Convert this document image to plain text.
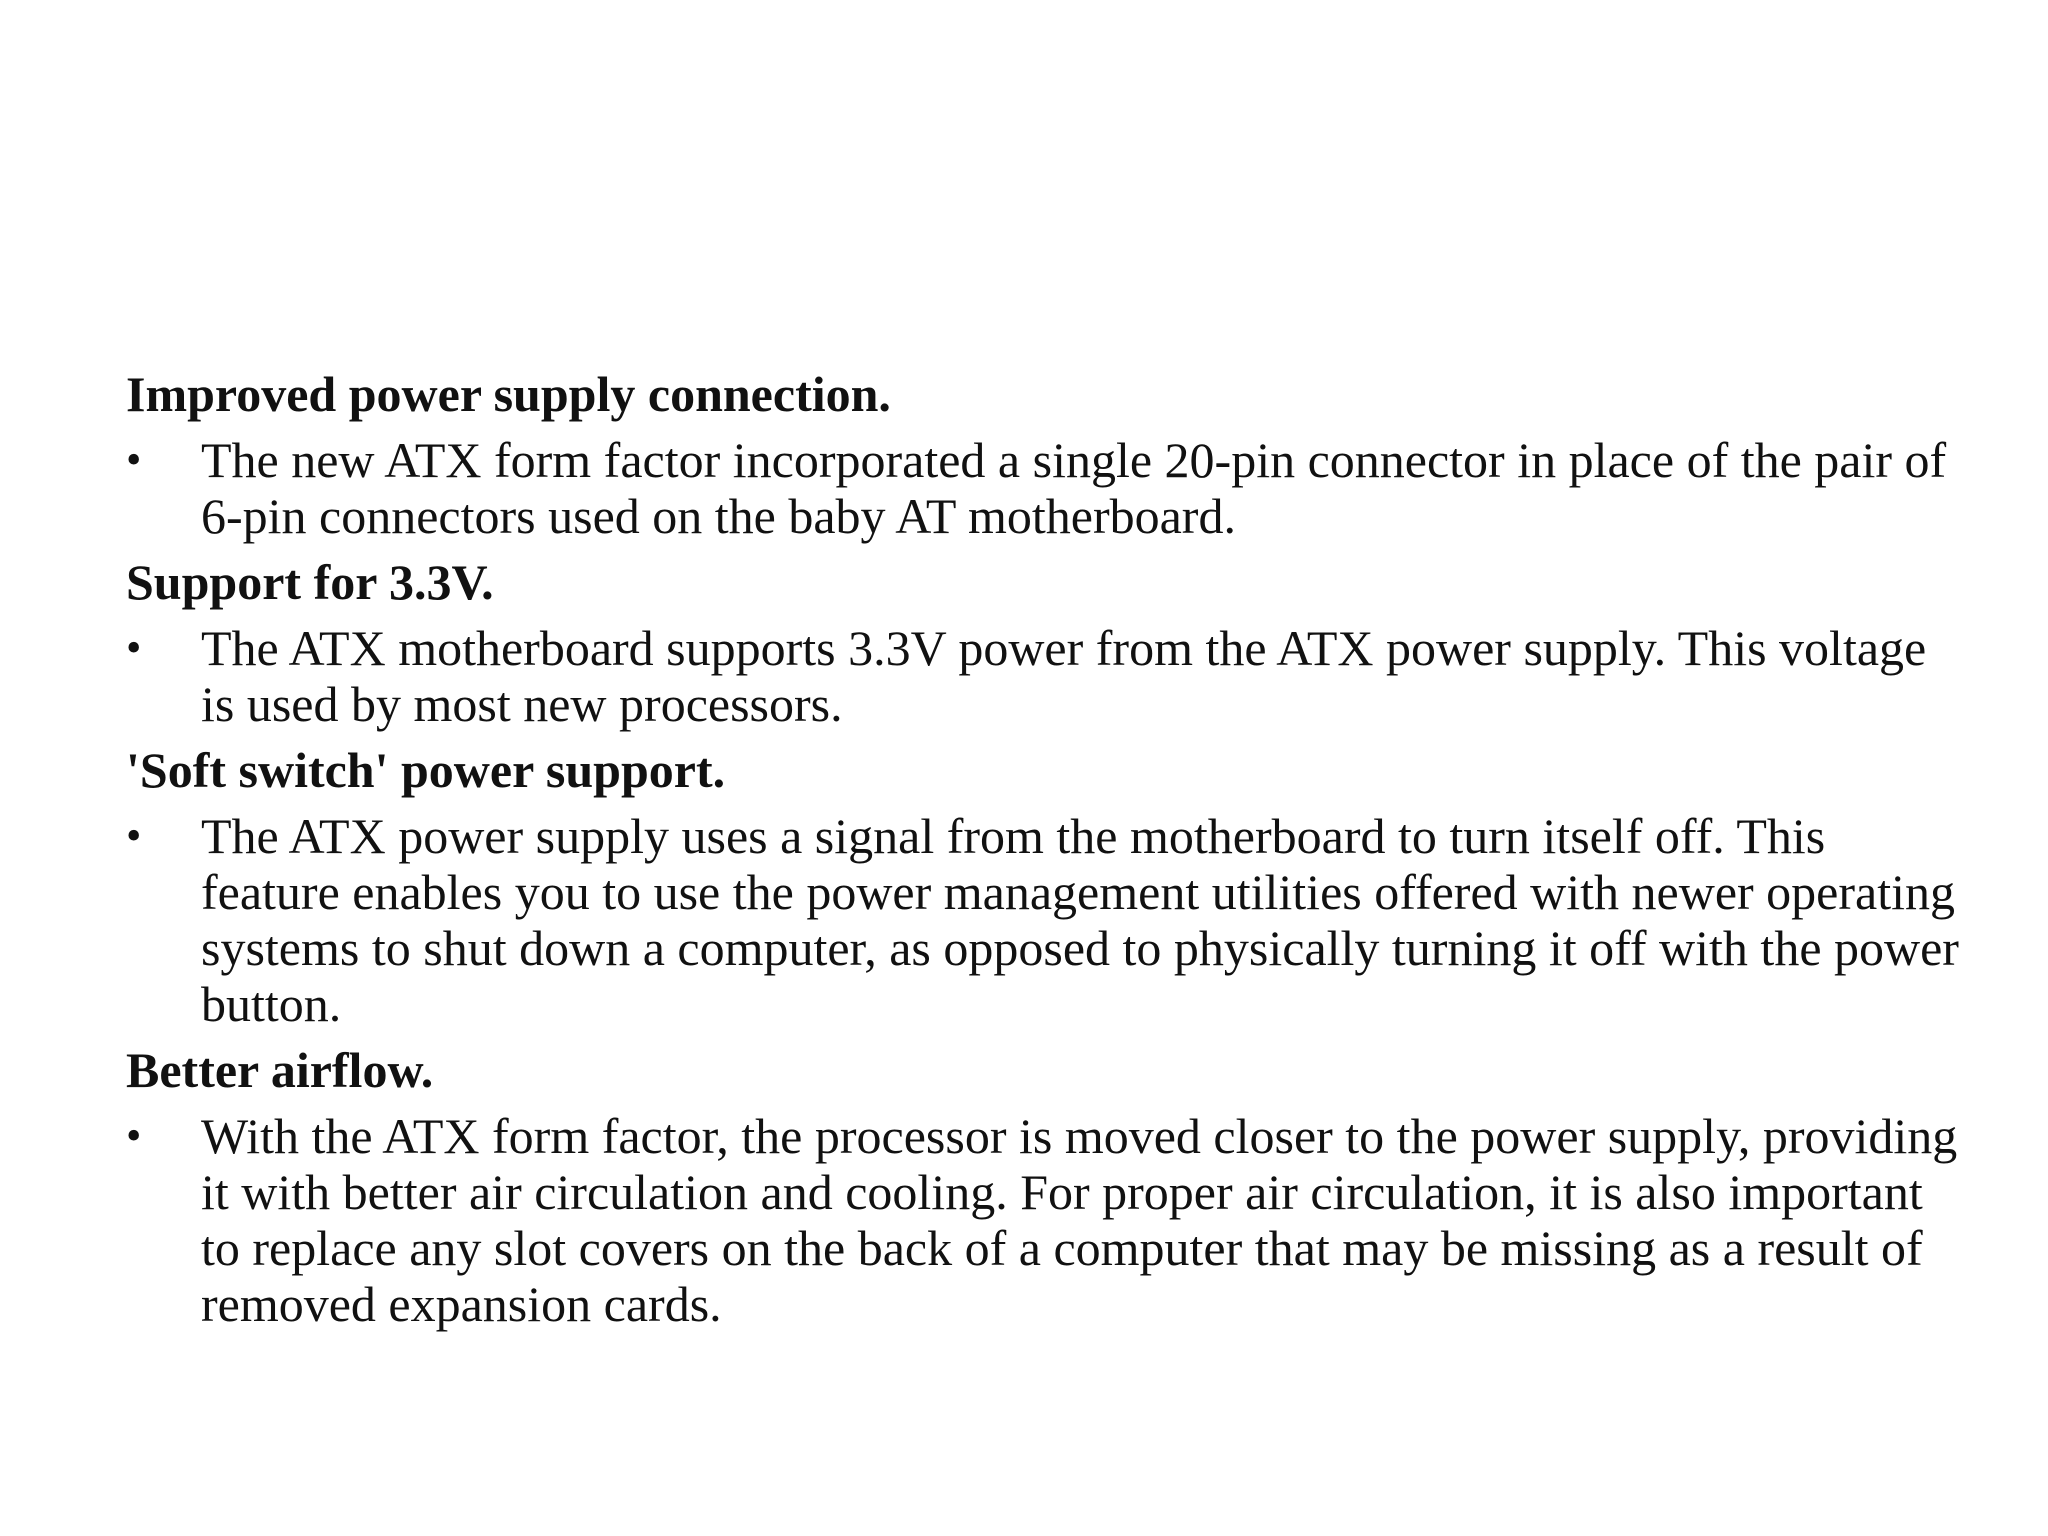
Improved power supply connection.

•	The new ATX form factor incorporated a single 20-pin connector in place of the pair of 6-pin connectors used on the baby AT motherboard.

Support for 3.3V.

•	The ATX motherboard supports 3.3V power from the ATX power supply. This voltage is used by most new processors.

'Soft switch' power support.

•	The ATX power supply uses a signal from the motherboard to turn itself off. This feature enables you to use the power management utilities offered with newer operating systems to shut down a computer, as opposed to physically turning it off with the power button.

Better airflow.

•	With the ATX form factor, the processor is moved closer to the power supply, providing it with better air circulation and cooling. For proper air circulation, it is also important to replace any slot covers on the back of a computer that may be missing as a result of removed expansion cards.
